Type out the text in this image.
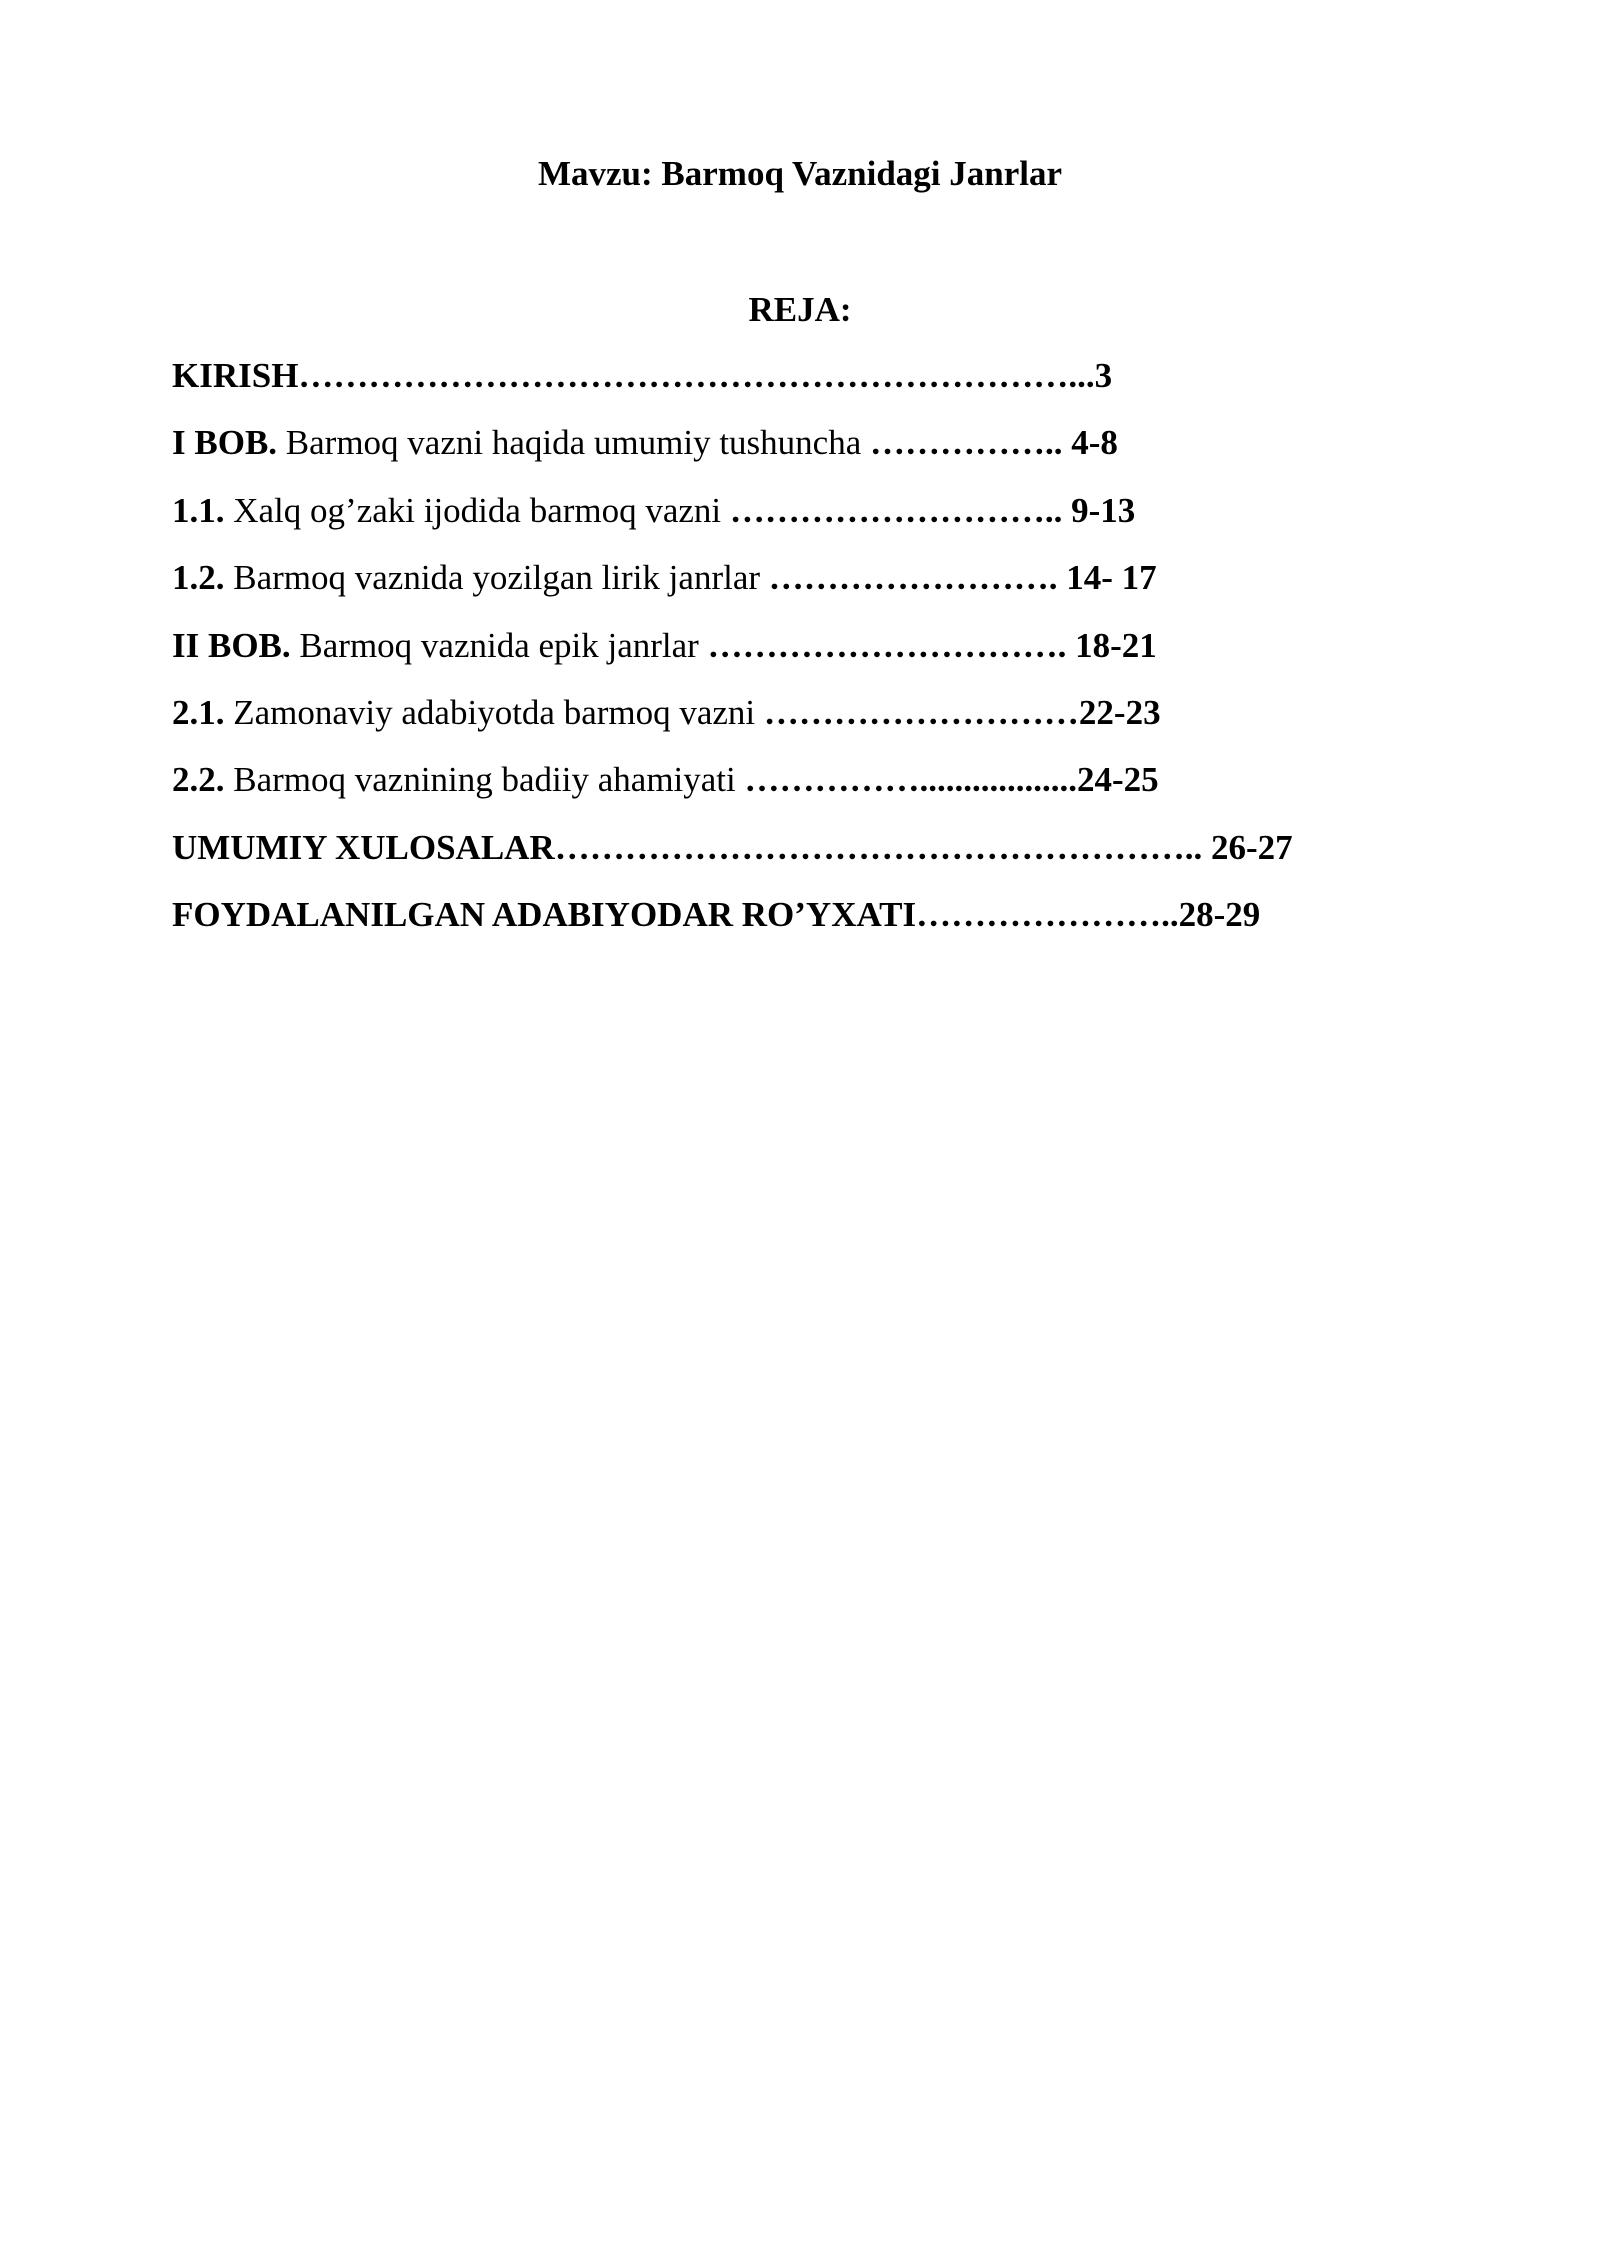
Mavzu: Barmoq Vaznidagi Janrlar
REJA:
KIRISH…………………………………………………………...3
I BOB. Barmoq vazni haqida umumiy tushuncha …………….. 4-8
1.1. Xalq og’zaki ijodida barmoq vazni ……………………….. 9-13
1.2. Barmoq vaznida yozilgan lirik janrlar ……………………. 14- 17
II BOB. Barmoq vaznida epik janrlar …………………………. 18-21
2.1. Zamonaviy adabiyotda barmoq vazni ………………………22-23
2.2. Barmoq vaznining badiiy ahamiyati ……………..................24-25
UMUMIY XULOSALAR……………………………………………….. 26-27
FOYDALANILGAN ADABIYODAR RO’YXATI…………………..28-29
